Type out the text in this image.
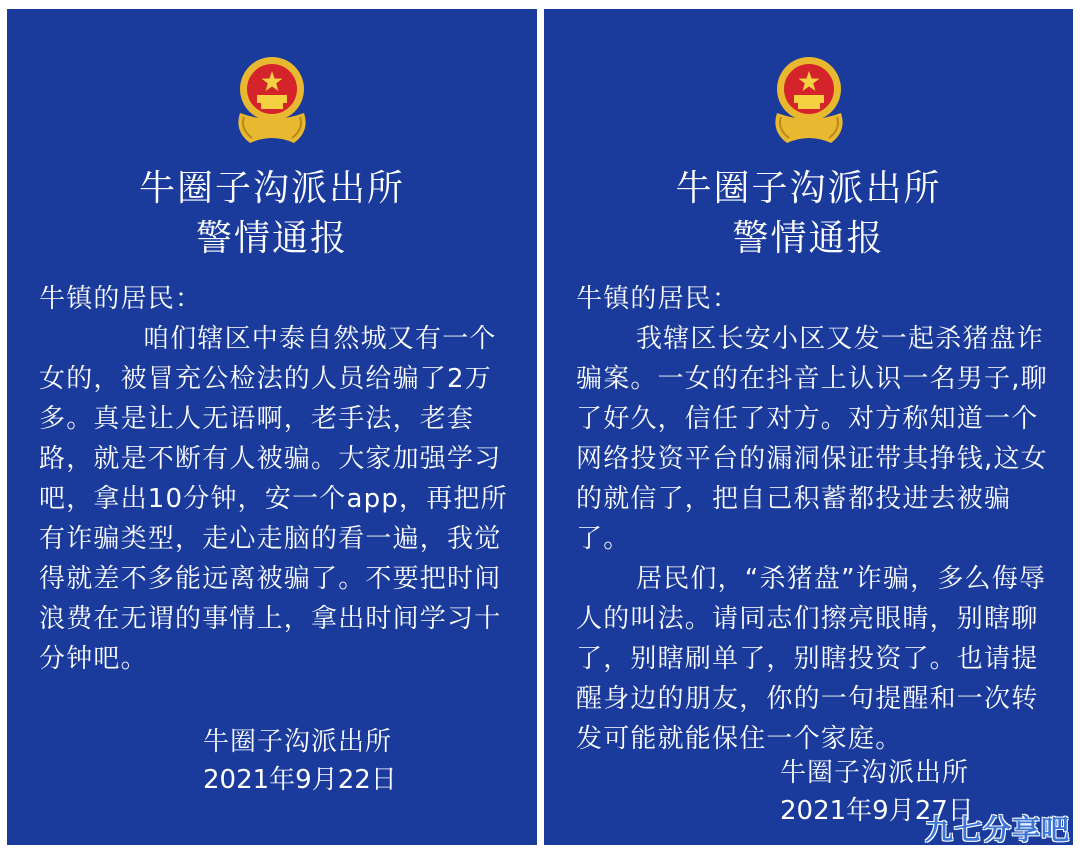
牛圈子沟派出所
警情通报

牛镇的居民：

咱们辖区中泰自然城又有一个女的，被冒充公检法的人员给骗了2万多。真是让人无语啊，老手法，老套路，就是不断有人被骗。大家加强学习吧，拿出10分钟，安一个app，再把所有诈骗类型，走心走脑的看一遍，我觉得就差不多能远离被骗了。不要把时间浪费在无谓的事情上，拿出时间学习十分钟吧。

牛圈子沟派出所
2021年9月22日
牛圈子沟派出所
警情通报

牛镇的居民：

我辖区长安小区又发一起杀猪盘诈骗案。一女的在抖音上认识一名男子,聊了好久，信任了对方。对方称知道一个网络投资平台的漏洞保证带其挣钱,这女的就信了，把自己积蓄都投进去被骗了。

居民们，“杀猪盘”诈骗，多么侮辱人的叫法。请同志们擦亮眼睛，别瞎聊了，别瞎刷单了，别瞎投资了。也请提醒身边的朋友，你的一句提醒和一次转发可能就能保住一个家庭。

牛圈子沟派出所
2021年9月27日
九七分享吧
